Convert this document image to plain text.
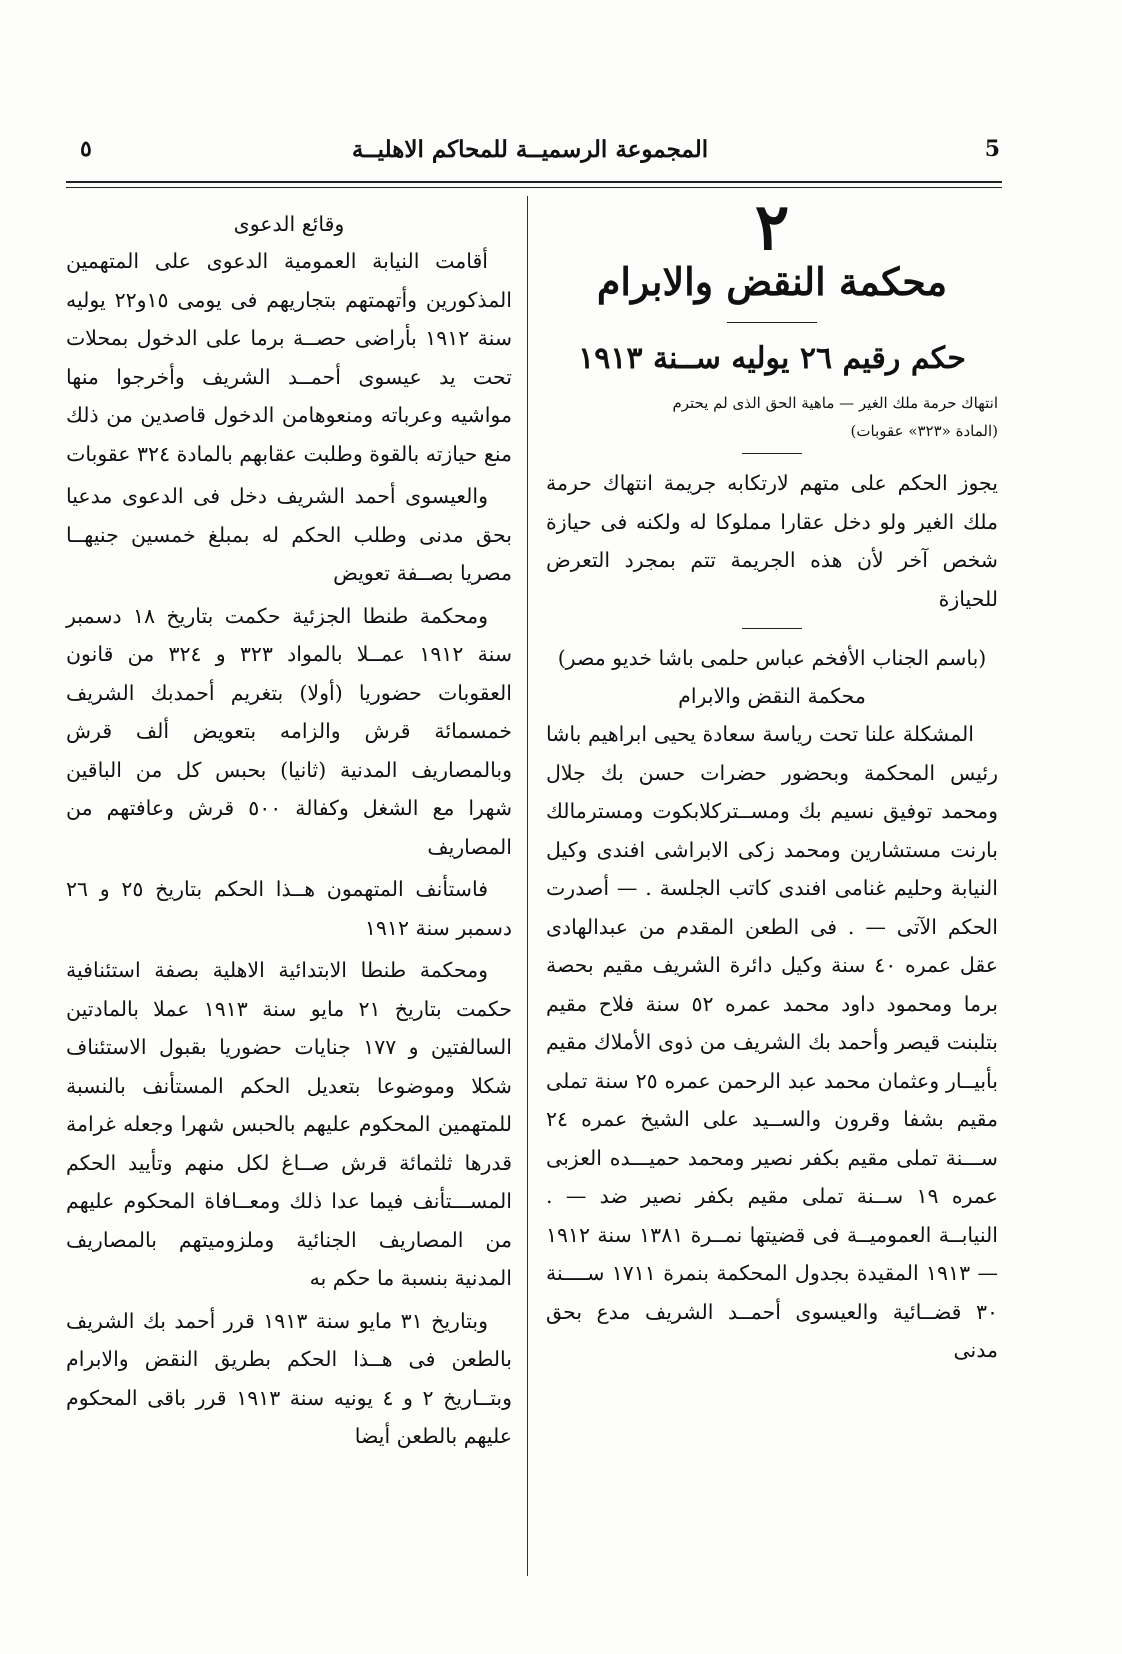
٥	المجموعة الرسميــة للمحاكم الاهليــة	5
٢
محكمة النقض والابرام
حكم رقيم ٢٦ يوليه ســنة ١٩١٣

انتهاك حرمة ملك الغير — ماهية الحق الذى لم يحترم

(المادة «٣٢٣» عقوبات)

يجوز الحكم على متهم لارتكابه جريمة انتهاك حرمة ملك الغير ولو دخل عقارا مملوكا له ولكنه فى حيازة شخص آخر لأن هذه الجريمة تتم بمجرد التعرض للحيازة

(باسم الجناب الأفخم عباس حلمى باشا خديو مصر)
محكمة النقض والابرام

المشكلة علنا تحت رياسة سعادة يحيى ابراهيم باشا رئيس المحكمة وبحضور حضرات حسن بك جلال ومحمد توفيق نسيم بك ومســتركلابكوت ومسترمالك بارنت مستشارين ومحمد زكى الابراشى افندى وكيل النيابة وحليم غنامى افندى كاتب الجلسة . — أصدرت الحكم الآتى — . فى الطعن المقدم من عبدالهادى عقل عمره ٤٠ سنة وكيل دائرة الشريف مقيم بحصة برما ومحمود داود محمد عمره ٥٢ سنة فلاح مقيم بتلبنت قيصر وأحمد بك الشريف من ذوى الأملاك مقيم بأبيــار وعثمان محمد عبد الرحمن عمره ٢٥ سنة تملى مقيم بشفا وقرون والســيد على الشيخ عمره ٢٤ ســـنة تملى مقيم بكفر نصير ومحمد حميـــده العزبى عمره ١٩ ســنة تملى مقيم بكفر نصير ضد — . النيابــة العموميــة فى قضيتها نمــرة ١٣٨١ سنة ١٩١٢ — ١٩١٣ المقيدة بجدول المحكمة بنمرة ١٧١١ ســــنة ٣٠ قضــائية والعيسوى أحمــد الشريف مدع بحق مدنى

وقائع الدعوى

أقامت النيابة العمومية الدعوى على المتهمين المذكورين وأتهمتهم بتجاريهم فى يومى ١٥و٢٢ يوليه سنة ١٩١٢ بأراضى حصــة برما على الدخول بمحلات تحت يد عيسوى أحمــد الشريف وأخرجوا منها مواشيه وعرباته ومنعوهامن الدخول قاصدين من ذلك منع حيازته بالقوة وطلبت عقابهم بالمادة ٣٢٤ عقوبات

والعيسوى أحمد الشريف دخل فى الدعوى مدعيا بحق مدنى وطلب الحكم له بمبلغ خمسين جنيهــا مصريا بصــفة تعويض

ومحكمة طنطا الجزئية حكمت بتاريخ ١٨ دسمبر سنة ١٩١٢ عمــلا بالمواد ٣٢٣ و ٣٢٤ من قانون العقوبات حضوريا (أولا) بتغريم أحمدبك الشريف خمسمائة قرش والزامه بتعويض ألف قرش وبالمصاريف المدنية (ثانيا) بحبس كل من الباقين شهرا مع الشغل وكفالة ٥٠٠ قرش وعافتهم من المصاريف

فاستأنف المتهمون هــذا الحكم بتاريخ ٢٥ و ٢٦ دسمبر سنة ١٩١٢

ومحكمة طنطا الابتدائية الاهلية بصفة استئنافية حكمت بتاريخ ٢١ مايو سنة ١٩١٣ عملا بالمادتين السالفتين و ١٧٧ جنايات حضوريا بقبول الاستئناف شكلا وموضوعا بتعديل الحكم المستأنف بالنسبة للمتهمين المحكوم عليهم بالحبس شهرا وجعله غرامة قدرها ثلثمائة قرش صــاغ لكل منهم وتأييد الحكم المســـتأنف فيما عدا ذلك ومعــافاة المحكوم عليهم من المصاريف الجنائية وملزوميتهم بالمصاريف المدنية بنسبة ما حكم به

وبتاريخ ٣١ مايو سنة ١٩١٣ قرر أحمد بك الشريف بالطعن فى هــذا الحكم بطريق النقض والابرام وبتــاريخ ٢ و ٤ يونيه سنة ١٩١٣ قرر باقى المحكوم عليهم بالطعن أيضا
